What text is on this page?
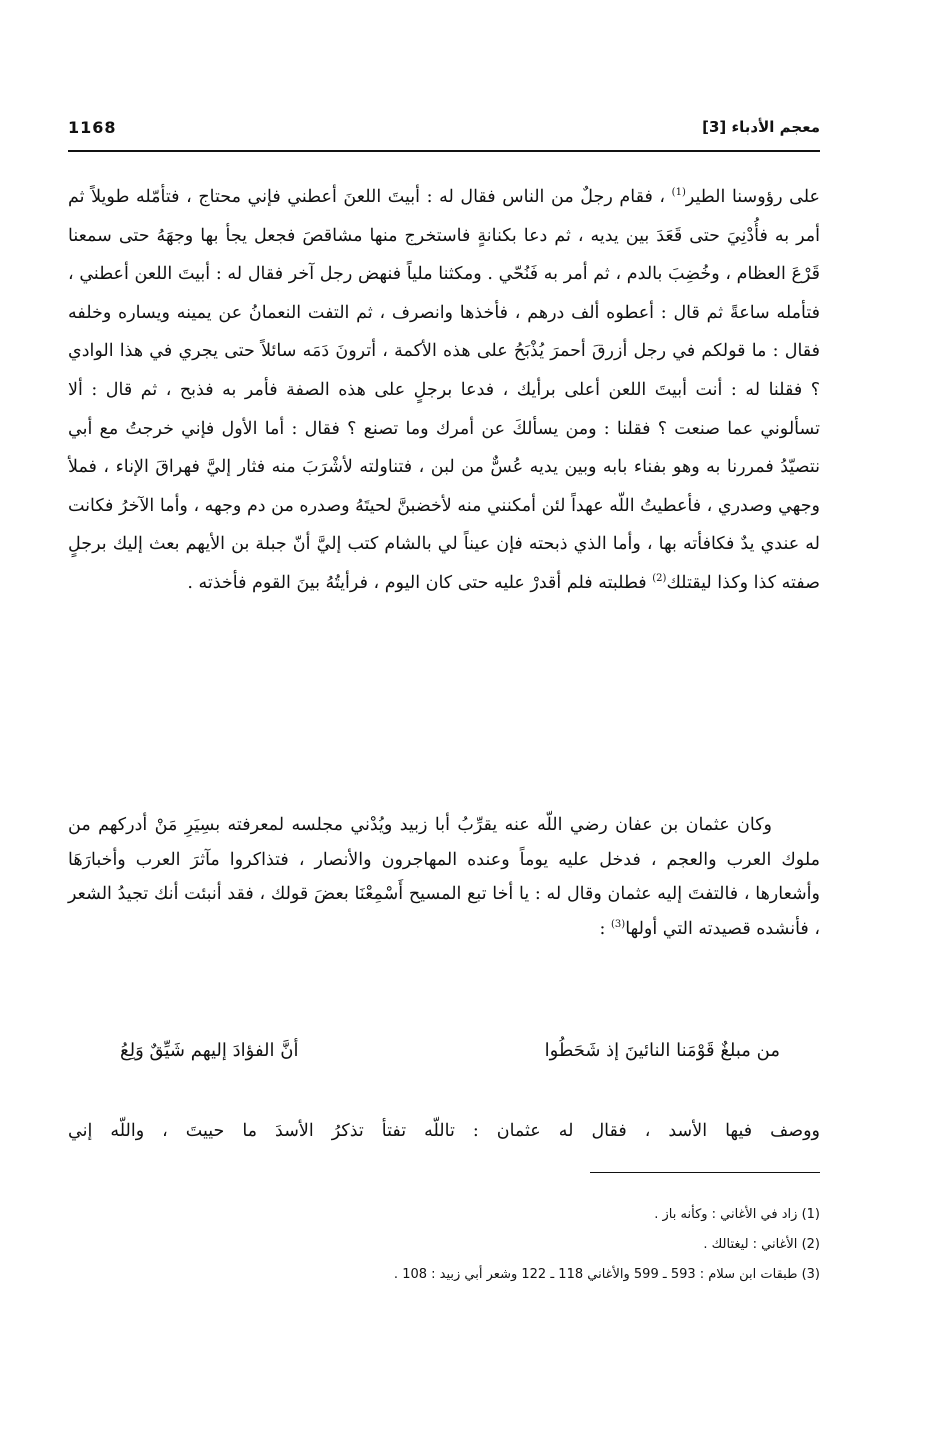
معجم الأدباء [3]
1168

على رؤوسنا الطير$^{(1)}$ ، فقام رجلٌ من الناس فقال له : أبيتَ اللعنَ أعطني فإني محتاج ، فتأمّله طويلاً ثم أمر به فأُدْنِيَ حتى قَعَدَ بين يديه ، ثم دعا بكنانةٍ فاستخرج منها مشاقصَ فجعل يجأ بها وجهَهُ حتى سمعنا قَرْعَ العظام ، وخُضِبَ بالدم ، ثم أمر به فَنُحّي . ومكثنا ملياً فنهض رجل آخر فقال له : أبيتَ اللعن أعطني ، فتأمله ساعةً ثم قال : أعطوه ألف درهم ، فأخذها وانصرف ، ثم التفت النعمانُ عن يمينه ويساره وخلفه فقال : ما قولكم في رجل أزرقَ أحمرَ يُذْبَحُ على هذه الأكمة ، أترونَ دَمَه سائلاً حتى يجري في هذا الوادي ؟ فقلنا له : أنت أبيتَ اللعن أعلى برأيك ، فدعا برجلٍ على هذه الصفة فأمر به فذبح ، ثم قال : ألا تسألوني عما صنعت ؟ فقلنا : ومن يسألكَ عن أمرك وما تصنع ؟ فقال : أما الأول فإني خرجتُ مع أبي نتصيّدُ فمررنا به وهو بفناء بابه وبين يديه عُسٌّ من لبن ، فتناولته لأشْرَبَ منه فثار إليَّ فهراقَ الإناء ، فملأ وجهي وصدري ، فأعطيتُ اللّه عهداً لئن أمكنني منه لأخضبنَّ لحيتَهُ وصدره من دم وجهه ، وأما الآخرُ فكانت له عندي يدٌ فكافأته بها ، وأما الذي ذبحته فإن عيناً لي بالشام كتب إليَّ أنّ جبلة بن الأيهم بعث إليك برجلٍ صفته كذا وكذا ليقتلك$^{(2)}$ فطلبته فلم أقدرْ عليه حتى كان اليوم ، فرأيتُهُ بينَ القوم فأخذته .

وكان عثمان بن عفان رضي اللّه عنه يقرِّبُ أبا زبيد ويُدْني مجلسه لمعرفته بسِيَرِ مَنْ أدركهم من ملوك العرب والعجم ، فدخل عليه يوماً وعنده المهاجرون والأنصار ، فتذاكروا مآثرَ العرب وأخبارَهَا وأشعارها ، فالتفتَ إليه عثمان وقال له : يا أخا تبع المسيح أَسْمِعْنَا بعضَ قولك ، فقد أنبئت أنك تجيدُ الشعر ، فأنشده قصيدته التي أولها$^{(3)}$ :
من مبلغٌ قَوْمَنا النائينَ إذ شَحَطُوا
أنَّ الفؤادَ إليهم شَيِّقٌ وَلِعُ
ووصف فيها الأسد ، فقال له عثمان : تاللّه تفتأ تذكرُ الأسدَ ما حييتَ ، واللّه إني
(1) زاد في الأغاني : وكأنه باز .
(2) الأغاني : ليغتالك .
(3) طبقات ابن سلام : 593 ـ 599 والأغاني 118 ـ 122 وشعر أبي زبيد : 108 .
